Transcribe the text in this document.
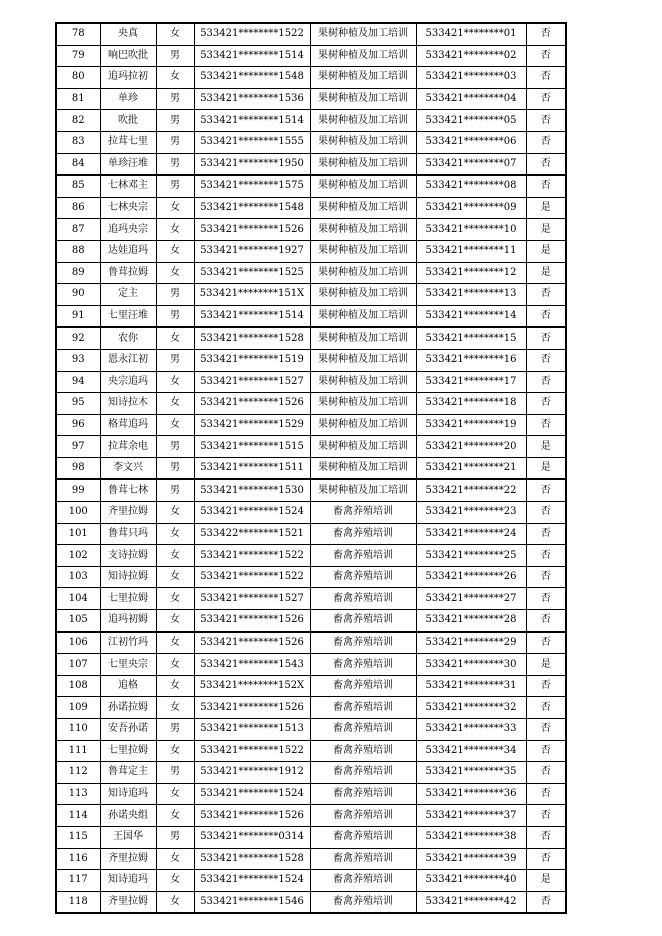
78	央真	女	533421********1522	果树种植及加工培训	533421********01	否
79	响巴吹批	男	533421********1514	果树种植及加工培训	533421********02	否
80	追玛拉初	女	533421********1548	果树种植及加工培训	533421********03	否
81	单珍	男	533421********1536	果树种植及加工培训	533421********04	否
82	吹批	男	533421********1514	果树种植及加工培训	533421********05	否
83	拉茸七里	男	533421********1555	果树种植及加工培训	533421********06	否
84	单珍汪堆	男	533421********1950	果树种植及加工培训	533421********07	否
85	七林邓主	男	533421********1575	果树种植及加工培训	533421********08	否
86	七林央宗	女	533421********1548	果树种植及加工培训	533421********09	是
87	追玛央宗	女	533421********1526	果树种植及加工培训	533421********10	是
88	达娃追玛	女	533421********1927	果树种植及加工培训	533421********11	是
89	鲁茸拉姆	女	533421********1525	果树种植及加工培训	533421********12	是
90	定主	男	533421********151X	果树种植及加工培训	533421********13	否
91	七里汪堆	男	533421********1514	果树种植及加工培训	533421********14	否
92	农你	女	533421********1528	果树种植及加工培训	533421********15	否
93	恩永江初	男	533421********1519	果树种植及加工培训	533421********16	否
94	央宗追玛	女	533421********1527	果树种植及加工培训	533421********17	否
95	知诗拉木	女	533421********1526	果树种植及加工培训	533421********18	否
96	格茸追玛	女	533421********1529	果树种植及加工培训	533421********19	否
97	拉茸余电	男	533421********1515	果树种植及加工培训	533421********20	是
98	李文兴	男	533421********1511	果树种植及加工培训	533421********21	是
99	鲁茸七林	男	533421********1530	果树种植及加工培训	533421********22	否
100	齐里拉姆	女	533421********1524	畜禽养殖培训	533421********23	否
101	鲁茸只玛	女	533422********1521	畜禽养殖培训	533421********24	否
102	支诗拉姆	女	533421********1522	畜禽养殖培训	533421********25	否
103	知诗拉姆	女	533421********1522	畜禽养殖培训	533421********26	否
104	七里拉姆	女	533421********1527	畜禽养殖培训	533421********27	否
105	追玛初姆	女	533421********1526	畜禽养殖培训	533421********28	否
106	江初竹玛	女	533421********1526	畜禽养殖培训	533421********29	否
107	七里央宗	女	533421********1543	畜禽养殖培训	533421********30	是
108	追格	女	533421********152X	畜禽养殖培训	533421********31	否
109	孙诺拉姆	女	533421********1526	畜禽养殖培训	533421********32	否
110	安吾孙诺	男	533421********1513	畜禽养殖培训	533421********33	否
111	七里拉姆	女	533421********1522	畜禽养殖培训	533421********34	否
112	鲁茸定主	男	533421********1912	畜禽养殖培训	533421********35	否
113	知诗追玛	女	533421********1524	畜禽养殖培训	533421********36	否
114	孙诺央组	女	533421********1526	畜禽养殖培训	533421********37	否
115	王国华	男	533421********0314	畜禽养殖培训	533421********38	否
116	齐里拉姆	女	533421********1528	畜禽养殖培训	533421********39	否
117	知诗追玛	女	533421********1524	畜禽养殖培训	533421********40	是
118	齐里拉姆	女	533421********1546	畜禽养殖培训	533421********42	否
